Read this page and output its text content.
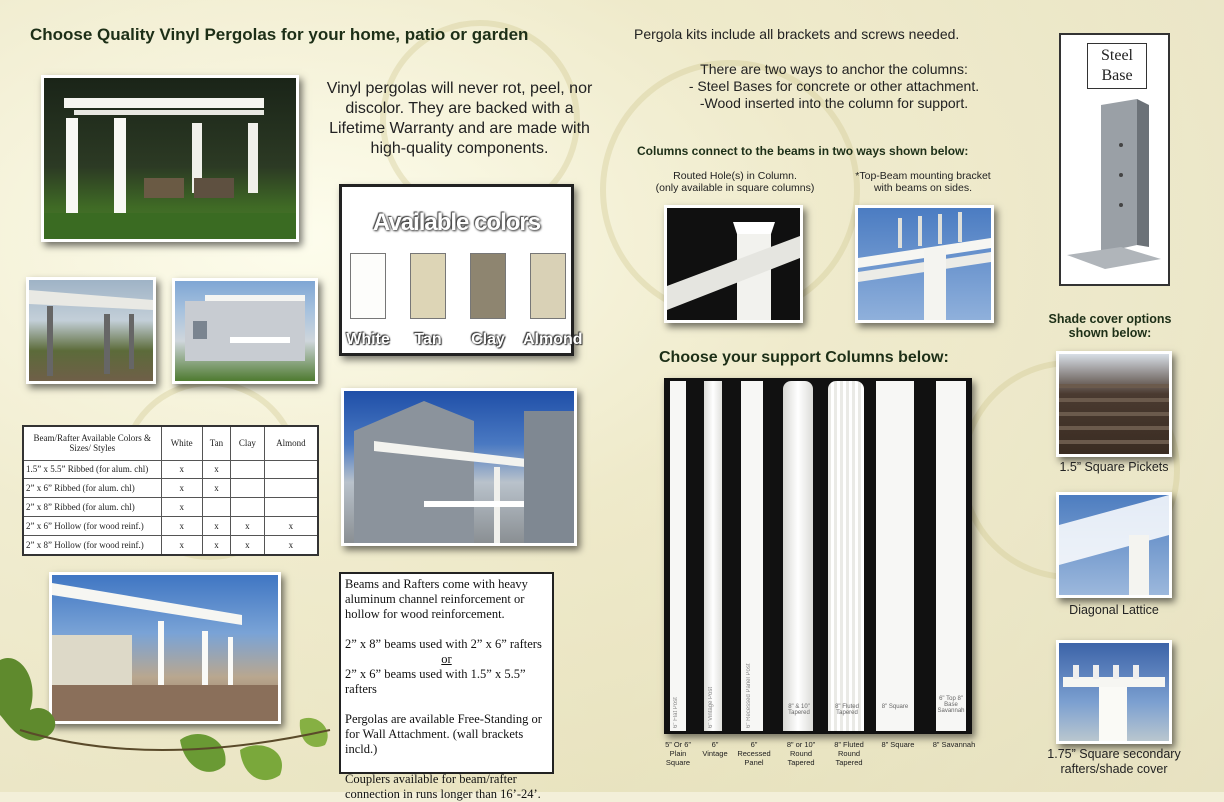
Choose Quality Vinyl Pergolas for your home, patio or garden
Vinyl pergolas will never rot, peel, nor discolor. They are backed with a Lifetime Warranty and are made with high-quality components.
Available colors
White	Tan	Clay	Almond
Beam/Rafter Available Colors & Sizes/ Styles	White	Tan	Clay	Almond
1.5” x 5.5” Ribbed (for alum. chl)	x	x		
2” x 6” Ribbed (for alum. chl)	x	x		
2” x 8” Ribbed (for alum. chl)	x			
2” x 6” Hollow (for wood reinf.)	x	x	x	x
2” x 8” Hollow (for wood reinf.)	x	x	x	x

Beams and Rafters come with heavy aluminum channel reinforcement or hollow for wood reinforcement.

2” x 8” beams used with 2” x 6” rafters
or

2” x 6” beams used with 1.5” x 5.5” rafters

Pergolas are available Free-Standing or for Wall Attachment. (wall brackets incld.)

Couplers available for beam/rafter connection in runs longer than 16’-24’.
Pergola kits include all brackets and screws needed.
There are two ways to anchor the columns:
- Steel Bases for concrete or other attachment.
-Wood inserted into the column for support.
Columns connect to the beams in two ways shown below:
Routed Hole(s) in Column.
(only available in square columns)
*Top-Beam mounting bracket
with beams on sides.
Steel
Base
Choose your support Columns below:
6" Flat Post	6" Vintage Post	6" Recessed Panel Post	8" & 10" Tapered
8" Fluted Tapered
8" Square
6" Top 8" Base Savannah
5” Or 6” Plain Square
6” Vintage
6” Recessed Panel
8” or 10” Round Tapered
8” Fluted Round Tapered
8” Square	8” Savannah
Shade cover options
shown below:
1.5” Square Pickets
Diagonal Lattice
1.75” Square secondary
rafters/shade cover
